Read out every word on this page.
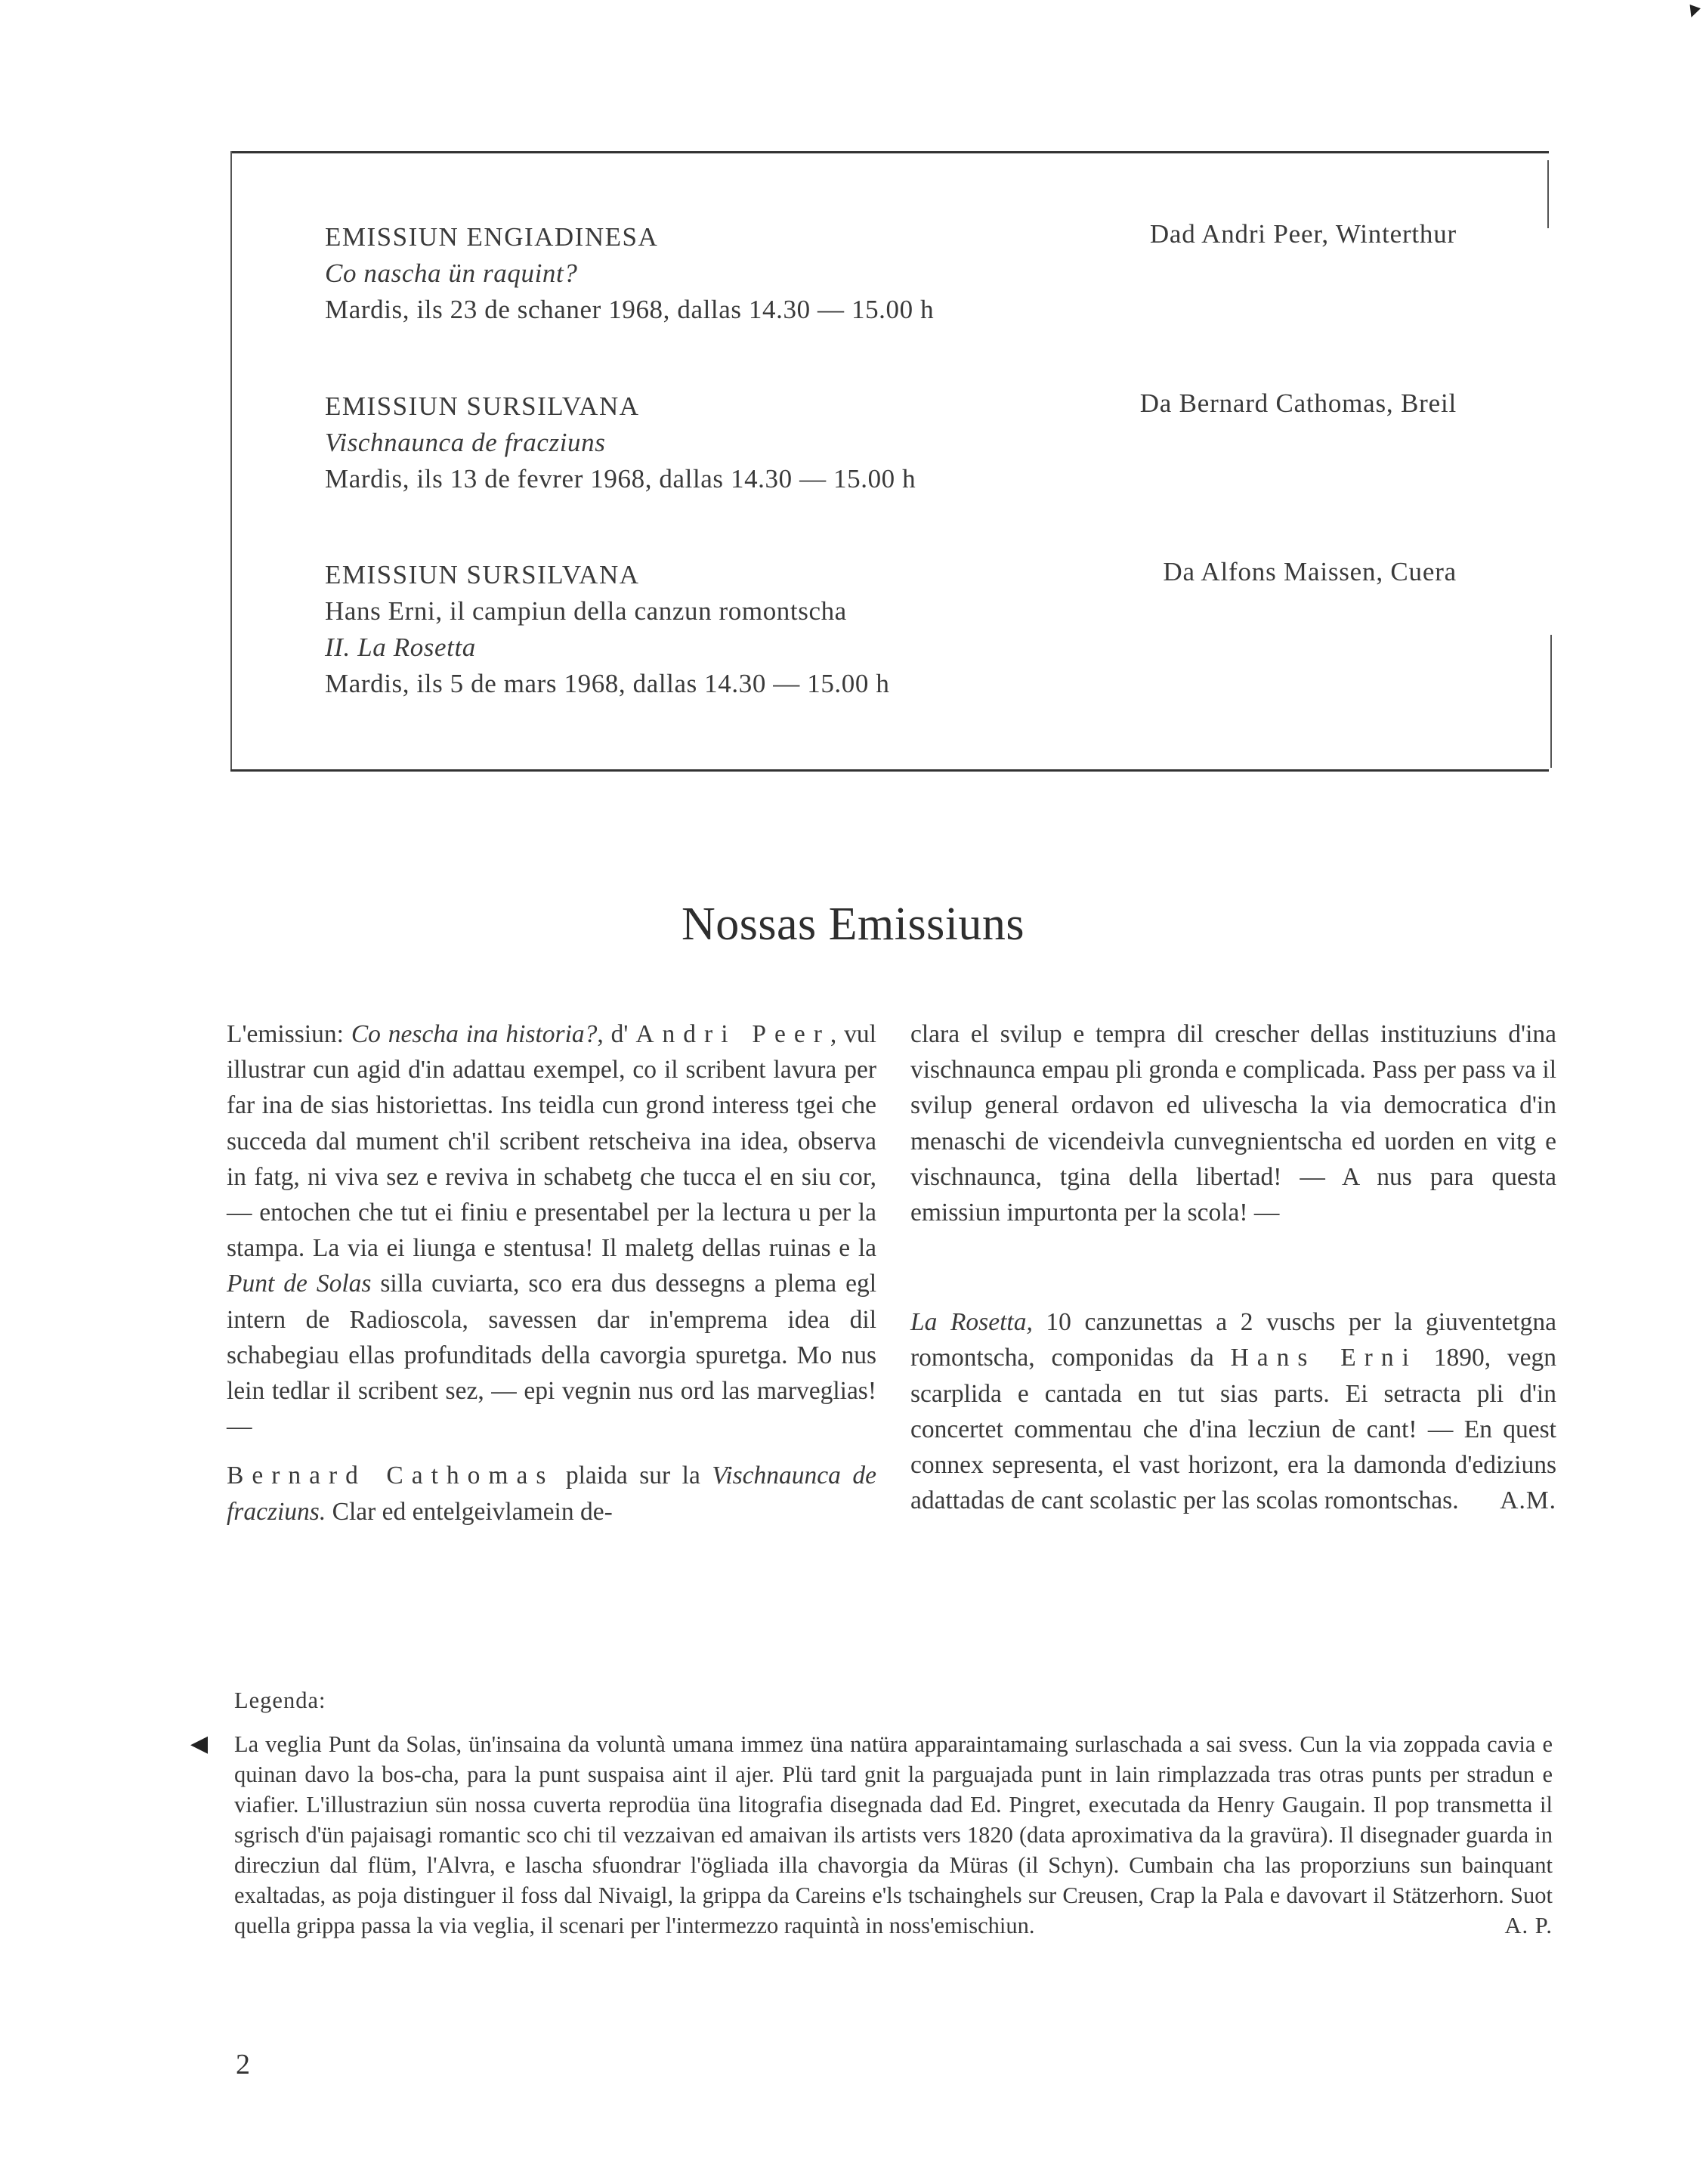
▼
EMISSIUN ENGIADINESA
Co nascha ün raquint?
Mardis, ils 23 de schaner 1968, dallas 14.30 — 15.00 h
Dad Andri Peer, Winterthur
EMISSIUN SURSILVANA
Vischnaunca de fracziuns
Mardis, ils 13 de fevrer 1968, dallas 14.30 — 15.00 h
Da Bernard Cathomas, Breil
EMISSIUN SURSILVANA
Hans Erni, il campiun della canzun romontscha
II. La Rosetta
Mardis, ils 5 de mars 1968, dallas 14.30 — 15.00 h
Da Alfons Maissen, Cuera
Nossas Emissiuns

L'emissiun: Co nescha ina historia?, d' Andri Peer, vul illustrar cun agid d'in adattau exempel, co il scribent lavura per far ina de sias historiettas. Ins teidla cun grond interess tgei che succeda dal mument ch'il scribent retscheiva ina idea, observa in fatg, ni viva sez e reviva in schabetg che tucca el en siu cor, — entochen che tut ei finiu e presentabel per la lectura u per la stampa. La via ei liunga e stentusa! Il maletg dellas ruinas e la Punt de Solas silla cuviarta, sco era dus dessegns a plema egl intern de Radioscola, savessen dar in'empremа idea dil schabegiau ellas profunditads della cavorgia spuretga. Mo nus lein tedlar il scribent sez, — epi vegnin nus ord las marveglias! —

Bernard Cathomas plaida sur la Vischnaunca de fracziuns. Clar ed entelgeivlamein de-

clara el svilup e tempra dil crescher dellas instituziuns d'ina vischnaunca empau pli gronda e complicada. Pass per pass va il svilup general ordavon ed ulivescha la via democratica d'in menaschi de vicendeivla cunvegnientscha ed uorden en vitg e vischnaunca, tgina della libertad! — A nus para questa emissiun impurtonta per la scola! —

La Rosetta, 10 canzunettas a 2 vuschs per la giuventetgna romontscha, componidas da Hans Erni 1890, vegn scarplida e cantada en tut sias parts. Ei setracta pli d'in concertet commentau che d'ina lecziun de cant! — En quest connex sepresenta, el vast horizont, era la damonda d'ediziuns adattadas de cant scolastic per las scolas romontschas. A.M.

◀
Legenda:
La veglia Punt da Solas, ün'insaina da voluntà umana immez üna natüra apparaintamaing surlaschada a sai svess. Cun la via zoppada cavia e quinan davo la bos-cha, para la punt suspaisa aint il ajer. Plü tard gnit la parguajada punt in lain rimplazzada tras otras punts per stradun e viafier. L'illustraziun sün nossa cuverta reprodüa üna litografia disegnada dad Ed. Pingret, executada da Henry Gaugain. Il pop transmetta il sgrisch d'ün pajaisagi romantic sco chi til vezzaivan ed amaivan ils artists vers 1820 (data aproximativa da la gravüra). Il disegnader guarda in direcziun dal flüm, l'Alvra, e lascha sfuondrar l'ögliada illa chavorgia da Müras (il Schyn). Cumbain cha las proporziuns sun bainquant exaltadas, as poja distinguer il foss dal Nivaigl, la grippa da Careins e'ls tschainghels sur Creusen, Crap la Pala e davovart il Stätzerhorn. Suot quella grippa passa la via veglia, il scenari per l'intermezzo raquintà in noss'emischiun.	A. P.
2
